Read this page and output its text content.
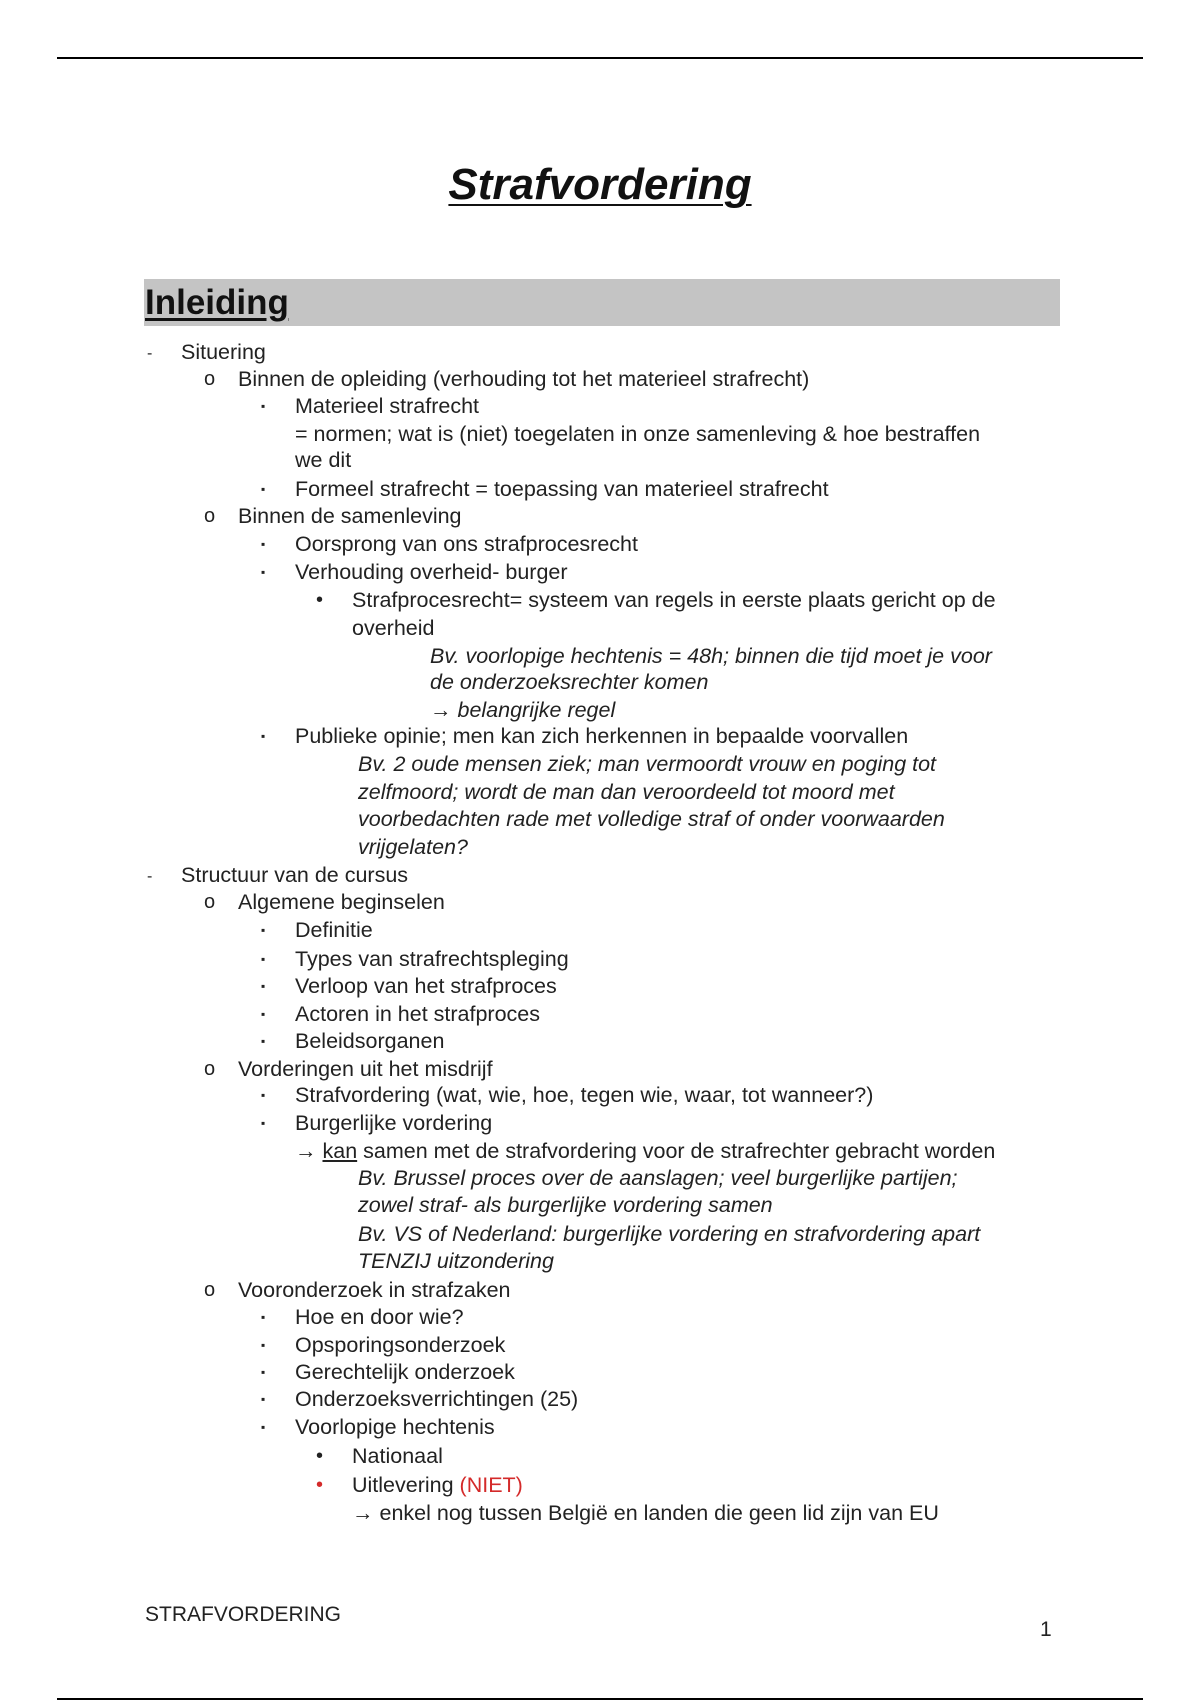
Strafvordering
Inleiding
- Situering
o Binnen de opleiding (verhouding tot het materieel strafrecht)
▪ Materieel strafrecht
= normen; wat is (niet) toegelaten in onze samenleving & hoe bestraffen
we dit
▪ Formeel strafrecht = toepassing van materieel strafrecht
o Binnen de samenleving
▪ Oorsprong van ons strafprocesrecht
▪ Verhouding overheid- burger
• Strafprocesrecht= systeem van regels in eerste plaats gericht op de
overheid
Bv. voorlopige hechtenis = 48h; binnen die tijd moet je voor
de onderzoeksrechter komen
→ belangrijke regel
▪ Publieke opinie; men kan zich herkennen in bepaalde voorvallen
Bv. 2 oude mensen ziek; man vermoordt vrouw en poging tot
zelfmoord; wordt de man dan veroordeeld tot moord met
voorbedachten rade met volledige straf of onder voorwaarden
vrijgelaten?
- Structuur van de cursus
o Algemene beginselen
▪ Definitie
▪ Types van strafrechtspleging
▪ Verloop van het strafproces
▪ Actoren in het strafproces
▪ Beleidsorganen
o Vorderingen uit het misdrijf
▪ Strafvordering (wat, wie, hoe, tegen wie, waar, tot wanneer?)
▪ Burgerlijke vordering
→ kan samen met de strafvordering voor de strafrechter gebracht worden
Bv. Brussel proces over de aanslagen; veel burgerlijke partijen;
zowel straf- als burgerlijke vordering samen
Bv. VS of Nederland: burgerlijke vordering en strafvordering apart
TENZIJ uitzondering
o Vooronderzoek in strafzaken
▪ Hoe en door wie?
▪ Opsporingsonderzoek
▪ Gerechtelijk onderzoek
▪ Onderzoeksverrichtingen (25)
▪ Voorlopige hechtenis
• Nationaal
• Uitlevering (NIET)
→ enkel nog tussen België en landen die geen lid zijn van EU
STRAFVORDERING
1
